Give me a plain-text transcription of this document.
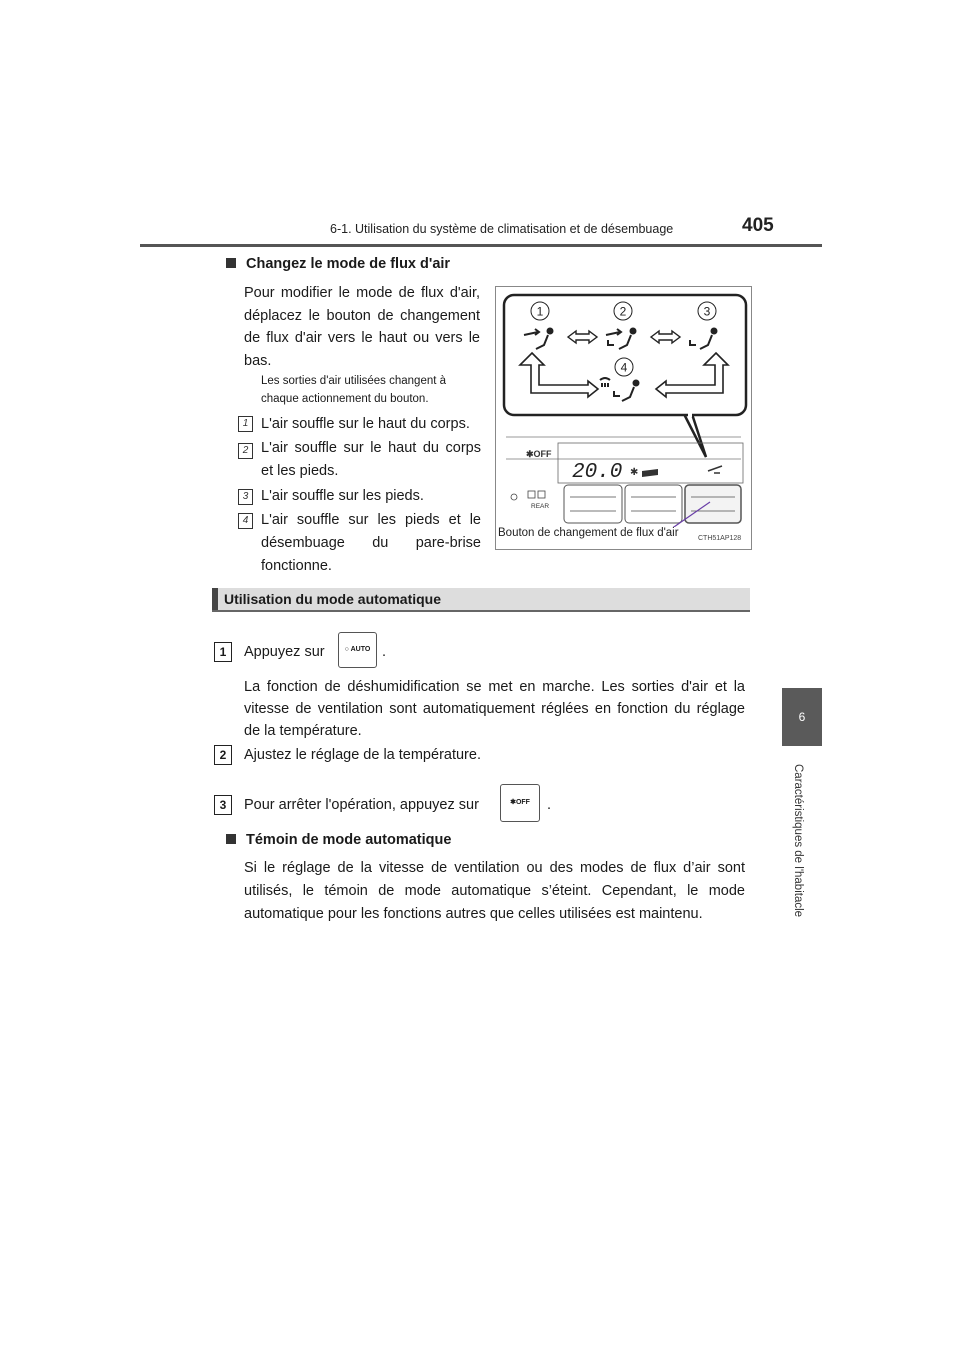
6-1. Utilisation du système de climatisation et de désembuage	405
6
Caractéristiques de l'habitacle
Changez le mode de flux d'air
Pour modifier le mode de flux d'air, déplacez le bouton de changement de flux d'air vers le haut ou vers le bas.
Les sorties d'air utilisées changent à chaque actionnement du bouton.
1 L'air souffle sur le haut du corps.
2 L'air souffle sur le haut du corps et les pieds.
3 L'air souffle sur les pieds.
4 L'air souffle sur les pieds et le désembuage du pare-brise fonctionne.
1	2	3
4
✱OFF
20.0 ✱
REAR
Bouton de changement de flux d'air	CTH51AP128
Utilisation du mode automatique
1	Appuyez sur	○ AUTO .
La fonction de déshumidification se met en marche. Les sorties d'air et la vitesse de ventilation sont automatiquement réglées en fonction du réglage de la température.
2	Ajustez le réglage de la température.
3	Pour arrêter l'opération, appuyez sur	✱OFF	.
Témoin de mode automatique
Si le réglage de la vitesse de ventilation ou des modes de flux d’air sont utilisés, le témoin de mode automatique s’éteint. Cependant, le mode automatique pour les fonctions autres que celles utilisées est maintenu.
